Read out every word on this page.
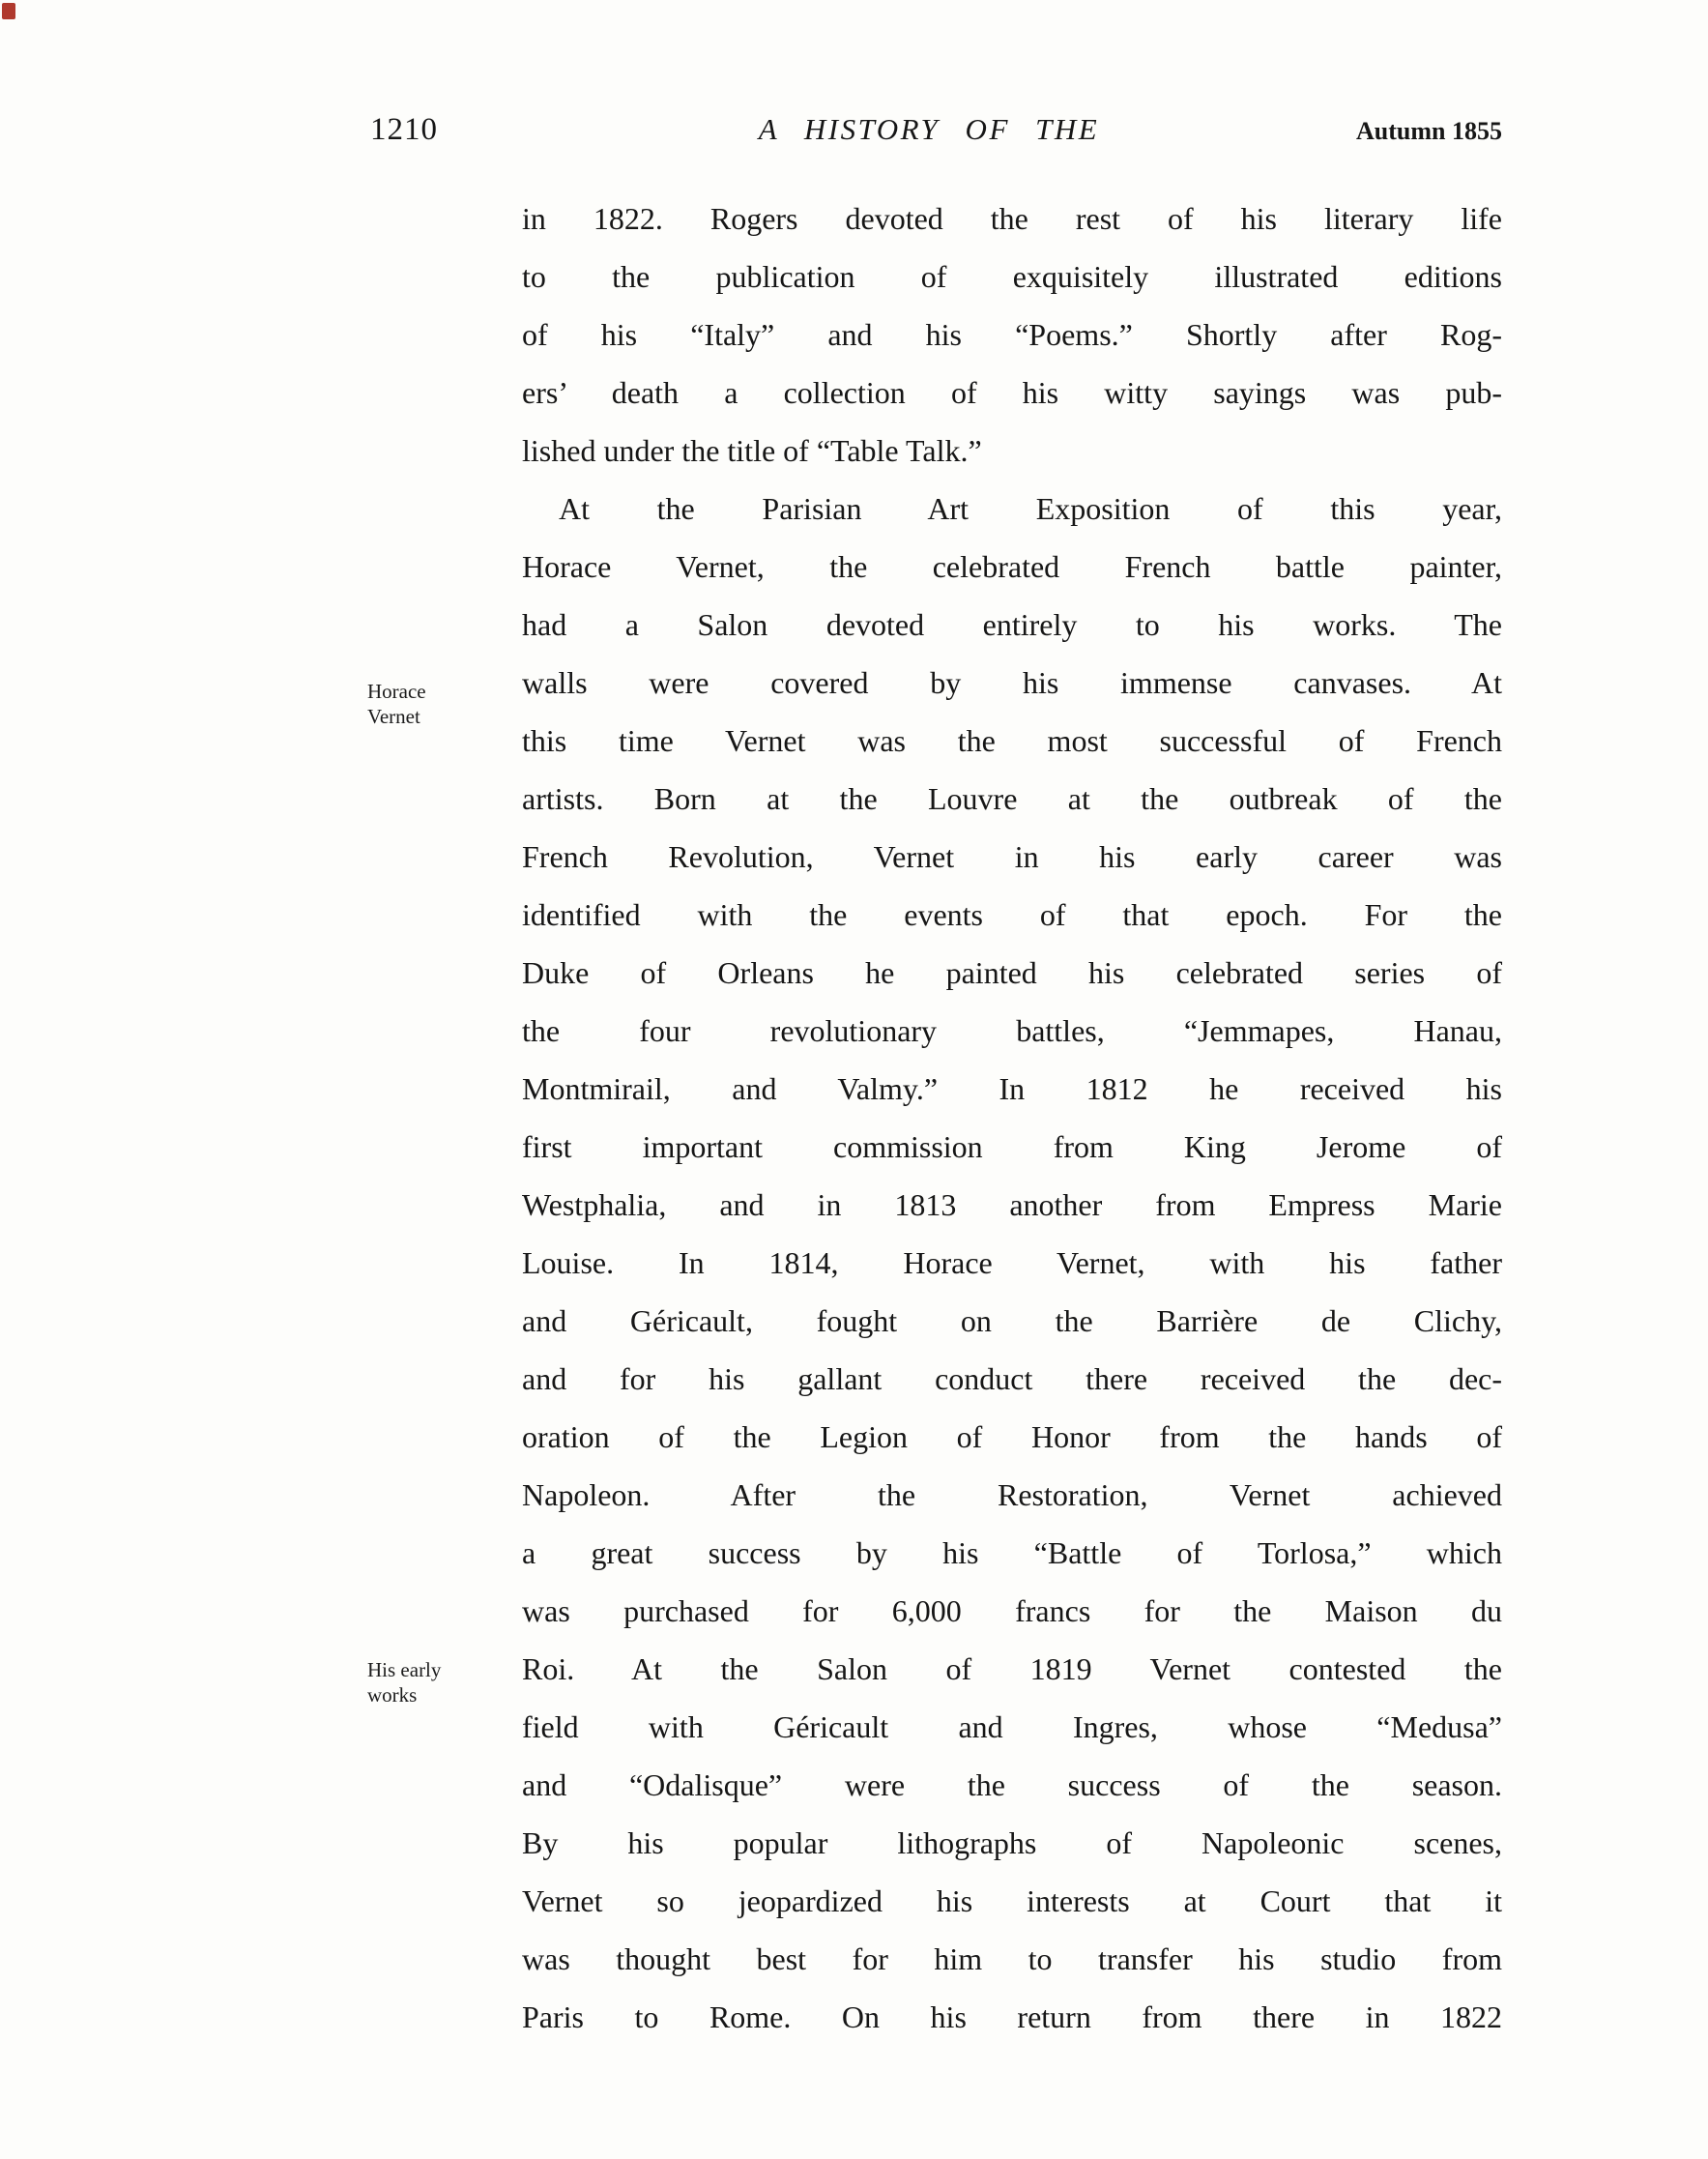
1210	A HISTORY OF THE	Autumn 1855
Horace
Vernet
His early
works
in 1822. Rogers devoted the rest of his literary life
to the publication of exquisitely illustrated editions
of his “Italy” and his “Poems.” Shortly after Rog-
ers’ death a collection of his witty sayings was pub-
lished under the title of “Table Talk.”
At the Parisian Art Exposition of this year,
Horace Vernet, the celebrated French battle painter,
had a Salon devoted entirely to his works. The
walls were covered by his immense canvases. At
this time Vernet was the most successful of French
artists. Born at the Louvre at the outbreak of the
French Revolution, Vernet in his early career was
identified with the events of that epoch. For the
Duke of Orleans he painted his celebrated series of
the four revolutionary battles, “Jemmapes, Hanau,
Montmirail, and Valmy.” In 1812 he received his
first important commission from King Jerome of
Westphalia, and in 1813 another from Empress Marie
Louise. In 1814, Horace Vernet, with his father
and Géricault, fought on the Barrière de Clichy,
and for his gallant conduct there received the dec-
oration of the Legion of Honor from the hands of
Napoleon. After the Restoration, Vernet achieved
a great success by his “Battle of Torlosa,” which
was purchased for 6,000 francs for the Maison du
Roi. At the Salon of 1819 Vernet contested the
field with Géricault and Ingres, whose “Medusa”
and “Odalisque” were the success of the season.
By his popular lithographs of Napoleonic scenes,
Vernet so jeopardized his interests at Court that it
was thought best for him to transfer his studio from
Paris to Rome. On his return from there in 1822
